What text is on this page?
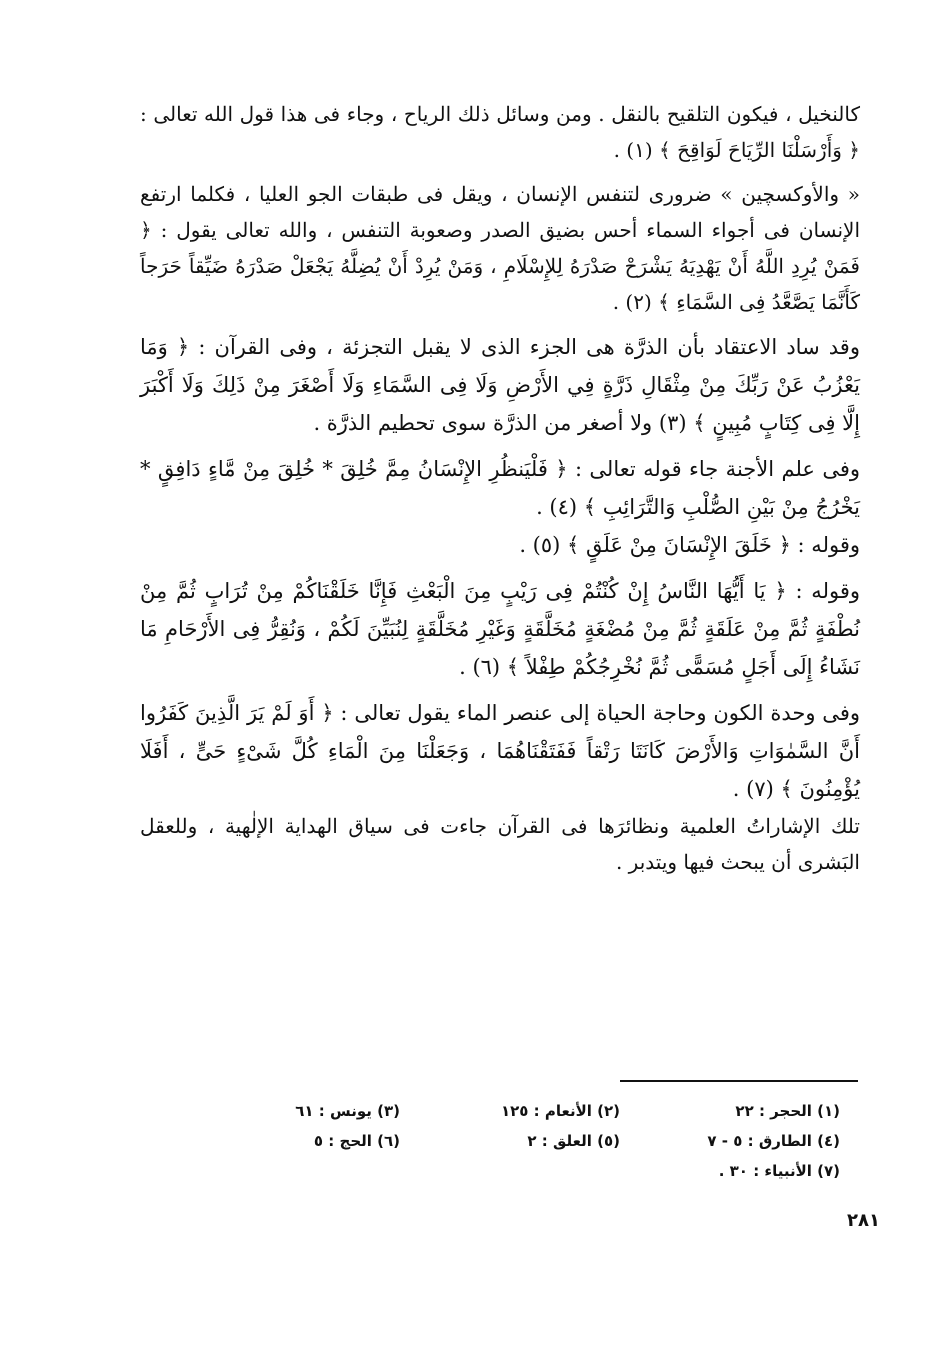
كالنخيل ، فيكون التلقيح بالنقل . ومن وسائل ذلك الرياح ، وجاء فى هذا قول الله تعالى : ﴿ وَأَرْسَلْنَا الرِّيَاحَ لَوَاقِحَ ﴾ (١) .

« والأوكسچين » ضرورى لتنفس الإنسان ، ويقل فى طبقات الجو العليا ، فكلما ارتفع الإنسان فى أجواء السماء أحس بضيق الصدر وصعوبة التنفس ، والله تعالى يقول : ﴿ فَمَنْ يُرِدِ اللَّهُ أَنْ يَهْدِيَهُ يَشْرَحْ صَدْرَهُ لِلإِسْلَامِ ، وَمَنْ يُرِدْ أَنْ يُضِلَّهُ يَجْعَلْ صَدْرَهُ ضَيِّقاً حَرَجاً كَأَنَّمَا يَصَّعَّدُ فِى السَّمَاءِ ﴾ (٢) .

وقد ساد الاعتقاد بأن الذرَّة هى الجزء الذى لا يقبل التجزئة ، وفى القرآن : ﴿ وَمَا يَعْزُبُ عَنْ رَبِّكَ مِنْ مِثْقَالِ ذَرَّةٍ فِي الأَرْضِ وَلَا فِى السَّمَاءِ وَلَا أَصْغَرَ مِنْ ذَلِكَ وَلَا أَكْبَرَ إِلَّا فِى كِتَابٍ مُبِينٍ ﴾ (٣) ولا أصغر من الذرَّة سوى تحطيم الذرَّة .

وفى علم الأجنة جاء قوله تعالى : ﴿ فَلْيَنظُرِ الإِنْسَانُ مِمَّ خُلِقَ * خُلِقَ مِنْ مَّاءٍ دَافِقٍ * يَخْرُجُ مِنْ بَيْنِ الصُّلْبِ وَالتَّرَائِبِ ﴾ (٤) .

وقوله : ﴿ خَلَقَ الإِنْسَانَ مِنْ عَلَقٍ ﴾ (٥) .

وقوله : ﴿ يَا أَيُّهَا النَّاسُ إِنْ كُنْتُمْ فِى رَيْبٍ مِنَ الْبَعْثِ فَإِنَّا خَلَقْنَاكُمْ مِنْ تُرَابٍ ثُمَّ مِنْ نُطْفَةٍ ثُمَّ مِنْ عَلَقَةٍ ثُمَّ مِنْ مُضْغَةٍ مُخَلَّقَةٍ وَغَيْرِ مُخَلَّقَةٍ لِنُبَيِّنَ لَكُمْ ، وَنُقِرُّ فِى الأَرْحَامِ مَا نَشَاءُ إِلَى أَجَلٍ مُسَمًّى ثُمَّ نُخْرِجُكُمْ طِفْلاً ﴾ (٦) .

وفى وحدة الكون وحاجة الحياة إلى عنصر الماء يقول تعالى : ﴿ أَوَ لَمْ يَرَ الَّذِينَ كَفَرُوا أَنَّ السَّمٰوَاتِ وَالأَرْضَ كَانَتَا رَتْقاً فَفَتَقْنَاهُمَا ، وَجَعَلْنَا مِنَ الْمَاءِ كُلَّ شَىْءٍ حَىٍّ ، أَفَلَا يُؤْمِنُونَ ﴾ (٧) .

تلك الإشاراتُ العلمية ونظائرَها فى القرآن جاءت فى سياق الهداية الإلٰهية ، وللعقل البَشرى أن يبحث فيها ويتدبر .

(١) الحجر : ٢٢
(٢) الأنعام : ١٢٥
(٣) يونس : ٦١
(٤) الطارق : ٥ - ٧
(٥) العلق : ٢
(٦) الحج : ٥
(٧) الأنبياء : ٣٠ .
٢٨١
